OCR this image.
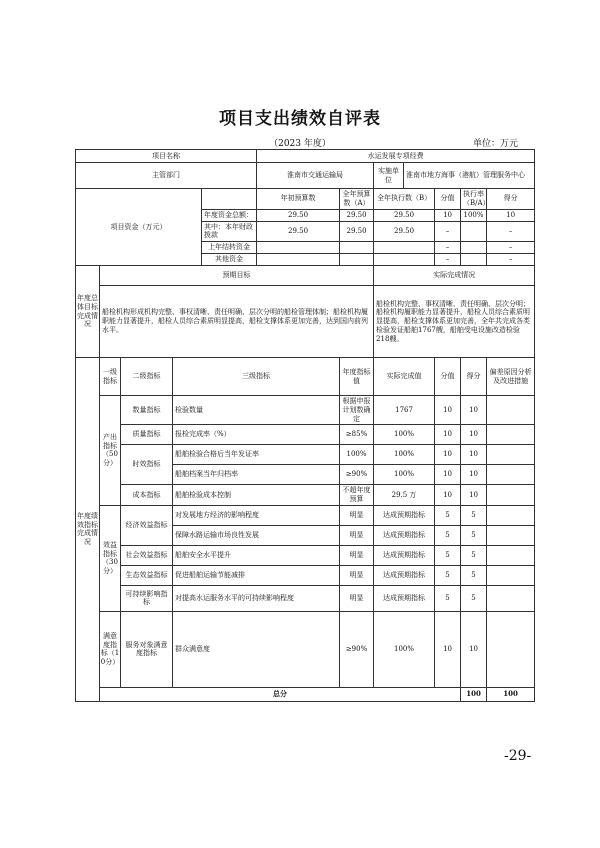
项目支出绩效自评表
（2023 年度）	单位：万元
项目名称					水运发展专项经费							
主管部门					淮南市交通运输局		实施单位	淮南市地方海事（港航）管理服务中心				
项目资金（万元）					年初预算数	全年预算数（A）	全年执行数（B）		分值	执行率（B/A）	得分	
				年度资金总额：	29.50	29.50	29.50		10	100%	10	
				其中：本年财政拨款	29.50	29.50	29.50		–		–	
				上年结转资金					–		–	
				其他资金					–		–	
年度总体目标完成情况	预期目标						实际完成情况					
	船检机构形成机构完整、事权清晰、责任明确、层次分明的船检管理体制；船检机构履职能力显著提升，船检人员综合素质明显提高，船检支撑体系更加完善，达到国内前列水平。						船检机构完整、事权清晰、责任明确、层次分明；船检机构履职能力显著提升，船检人员综合素质明显提高，船检支撑体系更加完善，全年共完成各类检验发证船舶1767艘，船舶受电设施改造检验218艘。					
年度绩效指标完成情况	一级指标	二级指标	三级指标			年度指标值	实际完成值		分值	得分	偏差原因分析及改进措施	
	产出指标（50分）	数量指标	检验数量			根据申报计划数确定	1767		10	10		
		质量指标	报检完成率（%）			≥85%	100%		10	10		
		时效指标	船舶检验合格后当年发证率			100%	100%		10	10		
			船舶档案当年归档率			≥90%	100%		10	10		
		成本指标	船舶检验成本控制			不超年度预算	29.5 万		10	10		
	效益指标（30分）	经济效益指标	对发展地方经济的影响程度			明显	达成预期指标		5	5		
			保障水路运输市场良性发展			明显	达成预期指标		5	5		
		社会效益指标	船舶安全水平提升			明显	达成预期指标		5	5		
		生态效益指标	促进船舶运输节能减排			明显	达成预期指标		5	5		
		可持续影响指标	对提高水运服务水平的可持续影响程度			明显	达成预期指标		5	5		
	满意度指标（10分）	服务对象满意度指标	群众满意度			≥90%	100%		10	10		
	总分									100	100	
-29-
